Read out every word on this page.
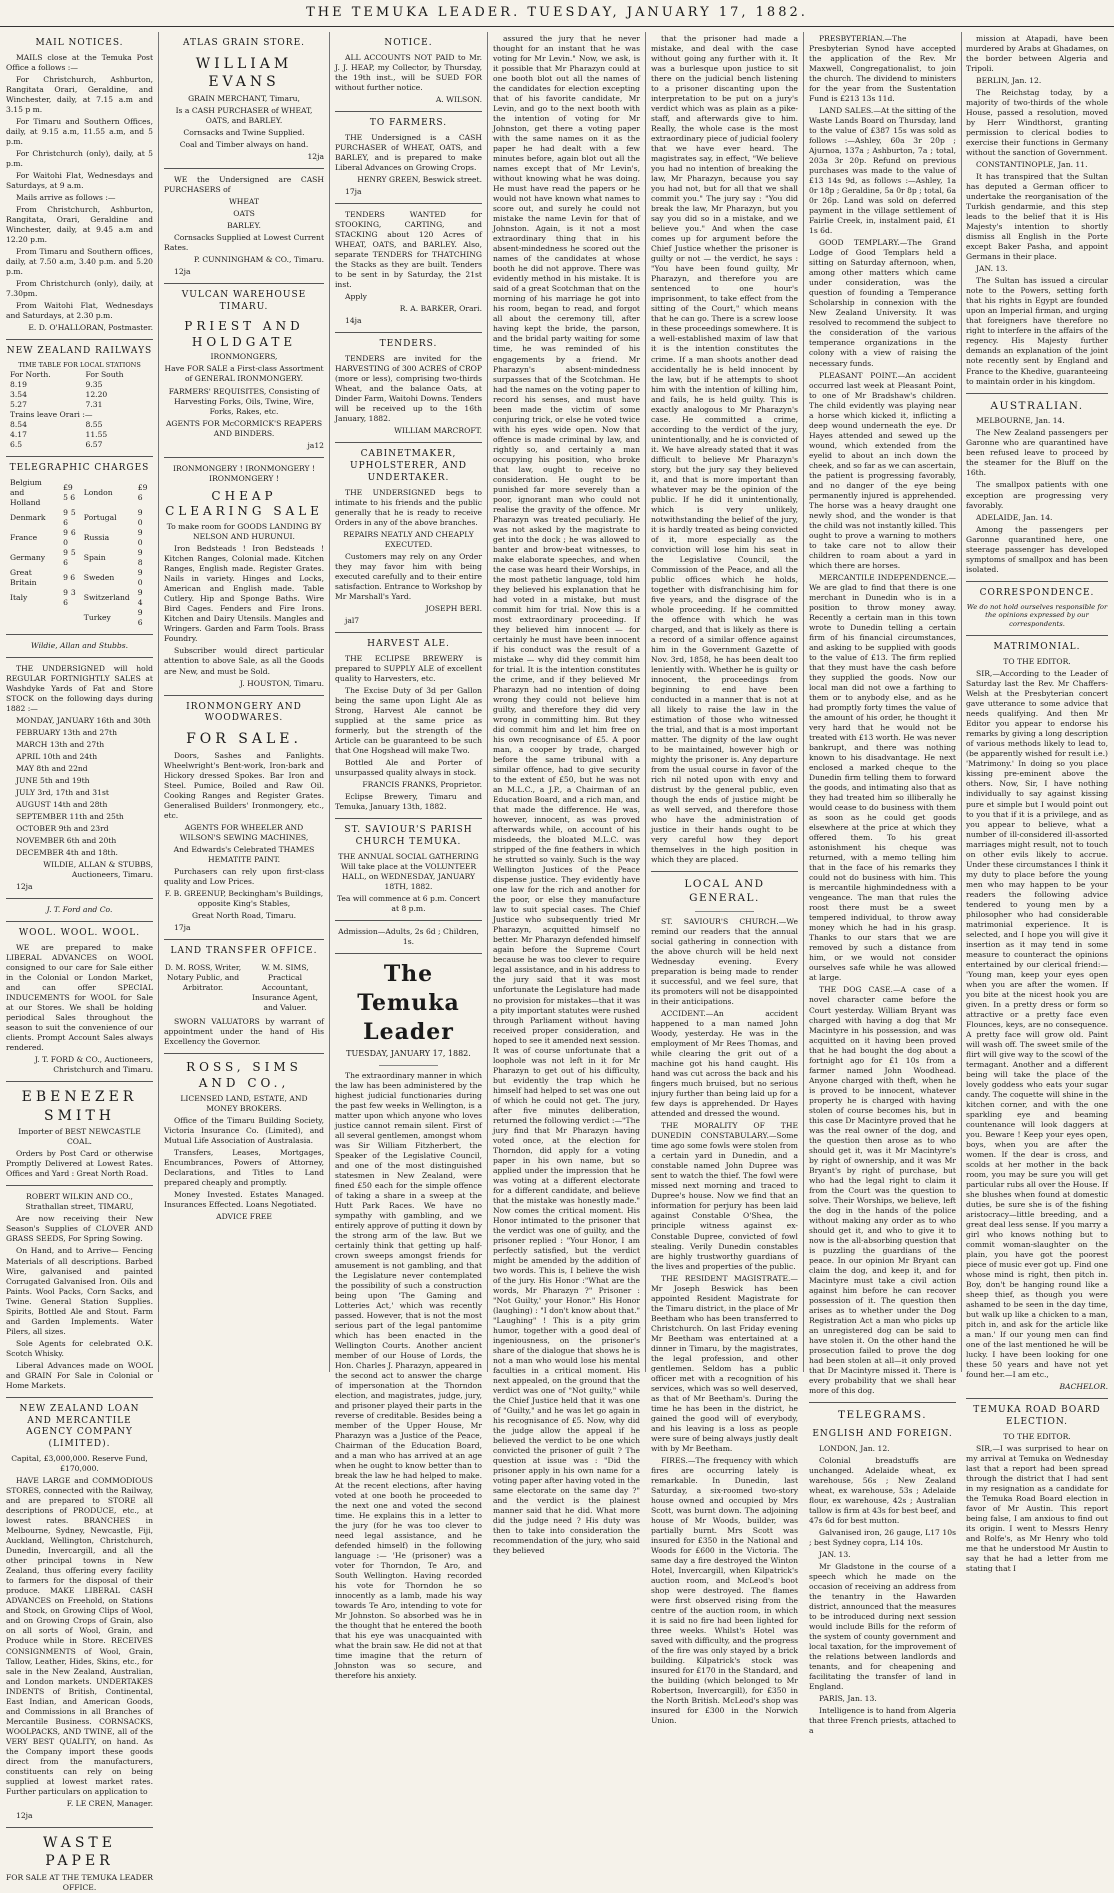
THE TEMUKA LEADER. TUESDAY, JANUARY 17, 1882.
MAIL NOTICES.

MAILS close at the Temuka Post Office a follows :—

For Christchurch, Ashburton, Rangitata Orari, Geraldine, and Winchester, daily, at 7.15 a.m and 3.15 p m.

For Timaru and Southern Offices, daily, at 9.15 a.m, 11.55 a.m, and 5 p.m.

For Christchurch (only), daily, at 5 p.m.

For Waitohi Flat, Wednesdays and Saturdays, at 9 a.m.

Mails arrive as follows :—

From Christchurch, Ashburton, Rangitata, Orari, Geraldine and Winchester, daily, at 9.45 a.m and 12.20 p.m.

From Timaru and Southern offices, daily, at 7.50 a.m, 3.40 p.m. and 5.20 p.m.

From Christchurch (only), daily, at 7.30pm.

From Waitohi Flat, Wednesdays and Saturdays, at 2.30 p.m.

E. D. O'HALLORAN, Postmaster.

NEW ZEALAND RAILWAYS
TIME TABLE FOR LOCAL STATIONS
For North.	For South
8.19	9.35
3.54	12.20
5.27	7.31
Trains leave Orari :—	
8.54	8.55
4.17	11.55
6.5	6.57
TELEGRAPHIC CHARGES
Belgium and Holland	£9 5 6	London	£9 6
Denmark	9 5 6	Portugal	9 0
France	9 6 0	Russia	9 0
Germany	9 5 6	Spain	9 8
Great Britain	9 6	Sweden	9 0
Italy	9 3 6	Switzerland	9 4
		Turkey	9 6
Wildie, Allan and Stubbs.

THE UNDERSIGNED will hold REGULAR FORTNIGHTLY SALES at Washdyke Yards of Fat and Store STOCK on the following days during 1882 :—

MONDAY, JANUARY 16th and 30th

FEBRUARY 13th and 27th

MARCH 13th and 27th

APRIL 10th and 24th

MAY 8th and 22nd

JUNE 5th and 19th

JULY 3rd, 17th and 31st

AUGUST 14th and 28th

SEPTEMBER 11th and 25th

OCTOBER 9th and 23rd

NOVEMBER 6th and 20th

DECEMBER 4th and 18th.

WILDIE, ALLAN & STUBBS, Auctioneers, Timaru.

12ja

J. T. Ford and Co.
WOOL. WOOL. WOOL.

WE are prepared to make LIBERAL ADVANCES on WOOL consigned to our care for Sale either in the Colonial or London Market, and can offer SPECIAL INDUCEMENTS for WOOL for Sale at our Stores. We shall be holding periodical Sales throughout the season to suit the convenience of our clients. Prompt Account Sales always rendered.

J. T. FORD & CO., Auctioneers, Christchurch and Timaru.

EBENEZER SMITH

Importer of BEST NEWCASTLE COAL.

Orders by Post Card or otherwise Promptly Delivered at Lowest Rates. Offices and Yard : Great North Road.

ROBERT WILKIN AND CO., Strathallan street, TIMARU,

Are now receiving their New Season's Supplies of CLOVER AND GRASS SEEDS, For Spring Sowing.

On Hand, and to Arrive— Fencing Materials of all descriptions. Barbed Wire, galvanised and painted Corrugated Galvanised Iron. Oils and Paints. Wool Packs, Corn Sacks, and Twine. General Station Supplies. Spirits, Bottled Ale and Stout. Farm and Garden Implements. Water Pilers, all sizes.

Sole Agents for celebrated O.K. Scotch Whisky.

Liberal Advances made on WOOL and GRAIN For Sale in Colonial or Home Markets.

NEW ZEALAND LOAN AND MERCANTILE AGENCY COMPANY (LIMITED).

Capital, £3,000,000. Reserve Fund, £170,000.

HAVE LARGE and COMMODIOUS STORES, connected with the Railway, and are prepared to STORE all descriptions of PRODUCE, etc., at lowest rates. BRANCHES in Melbourne, Sydney, Newcastle, Fiji, Auckland, Wellington, Christchurch, Dunedin, Invercargill, and all the other principal towns in New Zealand, thus offering every facility to farmers for the disposal of their produce. MAKE LIBERAL CASH ADVANCES on Freehold, on Stations and Stock, on Growing Clips of Wool, and on Growing Crops of Grain, also on all sorts of Wool, Grain, and Produce while in Store. RECEIVES CONSIGNMENTS of Wool, Grain, Tallow, Leather, Hides, Skins, etc., for sale in the New Zealand, Australian, and London markets. UNDERTAKES INDENTS of British, Continental, East Indian, and American Goods, and Commissions in all Branches of Mercantile Business. CORNSACKS, WOOLPACKS, AND TWINE, all of the VERY BEST QUALITY, on hand. As the Company import these goods direct from the manufacturers, constituents can rely on being supplied at lowest market rates. Further particulars on application to

F. LE CREN, Manager.

12ja

WASTE PAPER

FOR SALE AT THE TEMUKA LEADER OFFICE.

ATLAS GRAIN STORE.
WILLIAM EVANS

GRAIN MERCHANT, Timaru,

Is a CASH PURCHASER of WHEAT, OATS, and BARLEY.

Cornsacks and Twine Supplied.

Coal and Timber always on hand.

12ja

WE the Undersigned are CASH PURCHASERS of

WHEAT

OATS

BARLEY.

Cornsacks Supplied at Lowest Current Rates.

P. CUNNINGHAM & CO., Timaru.

12ja

VULCAN WAREHOUSE TIMARU.
PRIEST AND HOLDGATE

IRONMONGERS,

Have FOR SALE a First-class Assortment of GENERAL IRONMONGERY.

FARMERS' REQUISITES, Consisting of Harvesting Forks, Oils, Twine, Wire, Forks, Rakes, etc.

AGENTS FOR McCORMICK'S REAPERS AND BINDERS.

ja12

IRONMONGERY ! IRONMONGERY ! IRONMONGERY !

CHEAP CLEARING SALE

To make room for GOODS LANDING BY NELSON AND HURUNUI.

Iron Bedsteads ! Iron Bedsteads ! Kitchen Ranges, Colonial made. Kitchen Ranges, English made. Register Grates. Nails in variety. Hinges and Locks, American and English made. Table Cutlery. Hip and Sponge Baths. Wire Bird Cages. Fenders and Fire Irons. Kitchen and Dairy Utensils. Mangles and Wringers. Garden and Farm Tools. Brass Foundry.

Subscriber would direct particular attention to above Sale, as all the Goods are New, and must be Sold.

J. HOUSTON, Timaru.

IRONMONGERY AND WOODWARES.
FOR SALE.

Doors, Sashes and Fanlights. Wheelwright's Bent-work, Iron-bark and Hickory dressed Spokes. Bar Iron and Steel. Pumice, Boiled and Raw Oil. Cooking Ranges and Register Grates. Generalised Builders' Ironmongery, etc., etc.

AGENTS FOR WHEELER AND WILSON'S SEWING MACHINES,

And Edwards's Celebrated THAMES HEMATITE PAINT.

Purchasers can rely upon first-class quality and Low Prices.

F. B. GREENUP, Beckingham's Buildings, opposite King's Stables,

Great North Road, Timaru.

17ja

LAND TRANSFER OFFICE.

D. M. ROSS, Writer, Notary Public, and Arbitrator.

W. M. SIMS, Practical Accountant, Insurance Agent, and Valuer.

SWORN VALUATORS by warrant of appointment under the hand of His Excellency the Governor.

ROSS, SIMS AND CO.,

LICENSED LAND, ESTATE, AND MONEY BROKERS.

Office of the Timaru Building Society, Victoria Insurance Co. (Limited), and Mutual Life Association of Australasia.

Transfers, Leases, Mortgages, Encumbrances, Powers of Attorney, Declarations, and Titles to Land prepared cheaply and promptly.

Money Invested. Estates Managed. Insurances Effected. Loans Negotiated.

ADVICE FREE

NOTICE.

ALL ACCOUNTS NOT PAID to Mr. J. J. HEAP, my Collector, by Thursday, the 19th inst., will be SUED FOR without further notice.

A. WILSON.

TO FARMERS.

THE Undersigned is a CASH PURCHASER of WHEAT, OATS, and BARLEY, and is prepared to make Liberal Advances on Growing Crops.

HENRY GREEN, Beswick street.

17ja

TENDERS WANTED for STOOKING, CARTING, and STACKING about 120 Acres of WHEAT, OATS, and BARLEY. Also, separate TENDERS for THATCHING the Stacks as they are built. Tenders to be sent in by Saturday, the 21st inst.

Apply

R. A. BARKER, Orari.

14ja

TENDERS.

TENDERS are invited for the HARVESTING of 300 ACRES of CROP (more or less), comprising two-thirds Wheat, and the balance Oats, at Dinder Farm, Waitohi Downs. Tenders will be received up to the 16th January, 1882.

WILLIAM MARCROFT.

CABINETMAKER, UPHOLSTERER, AND UNDERTAKER.

THE UNDERSIGNED begs to intimate to his friends and the public generally that he is ready to receive Orders in any of the above branches.

REPAIRS NEATLY AND CHEAPLY EXECUTED.

Customers may rely on any Order they may favor him with being executed carefully and to their entire satisfaction. Entrance to Workshop by Mr Marshall's Yard.

JOSEPH BERI.

jal7

HARVEST ALE.

THE ECLIPSE BREWERY is prepared to SUPPLY ALE of excellent quality to Harvesters, etc.

The Excise Duty of 3d per Gallon being the same upon Light Ale as Strong, Harvest Ale cannot be supplied at the same price as formerly, but the strength of the Article can be guaranteed to be such that One Hogshead will make Two.

Bottled Ale and Porter of unsurpassed quality always in stock.

FRANCIS FRANKS, Proprietor.

Eclipse Brewery, Timaru and Temuka, January 13th, 1882.

ST. SAVIOUR'S PARISH CHURCH TEMUKA.

THE ANNUAL SOCIAL GATHERING Will take place at the VOLUNTEER HALL, on WEDNESDAY, JANUARY 18TH, 1882.

Tea will commence at 6 p.m. Concert at 8 p.m.

Admission—Adults, 2s 6d ; Children, 1s.

The Temuka Leader
TUESDAY, JANUARY 17, 1882.

The extraordinary manner in which the law has been administered by the highest judicial functionaries during the past few weeks in Wellington, is a matter upon which anyone who loves justice cannot remain silent. First of all several gentlemen, amongst whom was Sir William Fitzherbert, the Speaker of the Legislative Council, and one of the most distinguished statesmen in New Zealand, were fined £50 each for the simple offence of taking a share in a sweep at the Hutt Park Races. We have no sympathy with gambling, and we entirely approve of putting it down by the strong arm of the law. But we certainly think that getting up half-crown sweeps amongst friends for amusement is not gambling, and that the Legislature never contemplated the possibility of such a construction being upon 'The Gaming and Lotteries Act,' which was recently passed. However, that is not the most serious part of the legal pantomime which has been enacted in the Wellington Courts. Another ancient member of our House of Lords, the Hon. Charles J. Pharazyn, appeared in the second act to answer the charge of impersonation at the Thorndon election, and magistrates, judge, jury, and prisoner played their parts in the reverse of creditable. Besides being a member of the Upper House, Mr Pharazyn was a Justice of the Peace, Chairman of the Education Board, and a man who has arrived at an age when he ought to know better than to break the law he had helped to make. At the recent elections, after having voted at one booth he proceeded to the next one and voted the second time. He explains this in a letter to the jury (for he was too clever to need legal assistance, and he defended himself) in the following language :— 'He (prisoner) was a voter for Thorndon, Te Aro, and South Wellington. Having recorded his vote for Thorndon he so innocently as a lamb, made his way towards Te Aro, intending to vote for Mr Johnston. So absorbed was he in the thought that he entered the booth that his eye was unacquainted with what the brain saw. He did not at that time imagine that the return of Johnston was so secure, and therefore his anxiety.

assured the jury that he never thought for an instant that he was voting for Mr Levin." Now, we ask, is it possible that Mr Pharazyn could at one booth blot out all the names of the candidates for election excepting that of his favorite candidate, Mr Levin, and go to the next booth with the intention of voting for Mr Johnston, get there a voting paper with the same names on it as the paper he had dealt with a few minutes before, again blot out all the names except that of Mr Levin's, without knowing what he was doing. He must have read the papers or he would not have known what names to score out, and surely he could not mistake the name Levin for that of Johnston. Again, is it not a most extraordinary thing that in his absent-mindedness he scored out the names of the candidates at whose booth he did not approve. There was evidently method in his mistake. It is said of a great Scotchman that on the morning of his marriage he got into his room, began to read, and forgot all about the ceremony till, after having kept the bride, the parson, and the bridal party waiting for some time, he was reminded of his engagements by a friend. Mr Pharazyn's absent-mindedness surpasses that of the Scotchman. He had the names on the voting paper to record his senses, and must have been made the victim of some conjuring trick, or else he voted twice with his eyes wide open. Now that offence is made criminal by law, and rightly so, and certainly a man occupying his position, who broke that law, ought to receive no consideration. He ought to be punished far more severely than a poor, ignorant man who could not realise the gravity of the offence. Mr Pharazyn was treated peculiarly. He was not asked by the magistrate to get into the dock ; he was allowed to banter and brow-beat witnesses, to make elaborate speeches, and when the case was heard their Worships, in the most pathetic language, told him they believed his explanation that he had voted in a mistake, but must commit him for trial. Now this is a most extraordinary proceeding. If they believed him innocent — for certainly he must have been innocent if his conduct was the result of a mistake — why did they commit him for trial. It is the intention constitutes the crime, and if they believed Mr Pharazyn had no intention of doing wrong they could not believe him guilty, and therefore they did very wrong in committing him. But they did commit him and let him free on his own recognisance of £5. A poor man, a cooper by trade, charged before the same tribunal with a similar offence, had to give security to the extent of £50, but he was not an M.L.C., a J.P., a Chairman of an Education Board, and a rich man, and that made the difference. He was, however, innocent, as was proved afterwards while, on account of his misdeeds, the bloated M.L.C. was stripped of the fine feathers in which he strutted so vainly. Such is the way Wellington Justices of the Peace dispense justice. They evidently have one law for the rich and another for the poor, or else they manufacture law to suit special cases. The Chief Justice who subsequently tried Mr Pharazyn, acquitted himself no better. Mr Pharazyn defended himself again before the Supreme Court because he was too clever to require legal assistance, and in his address to the jury said that it was most unfortunate the Legislature had made no provision for mistakes—that it was a pity important statutes were rushed through Parliament without having received proper consideration, and hoped to see it amended next session. It was of course unfortunate that a loophole was not left in it for Mr Pharazyn to get out of his difficulty, but evidently the trap which he himself had helped to set was one out of which he could not get. The jury, after five minutes deliberation, returned the following verdict :—"The jury find that Mr Pharazyn having voted once, at the election for Thorndon, did apply for a voting paper in his own name, but so applied under the impression that he was voting at a different electorate for a different candidate, and believe that the mistake was honestly made." Now comes the critical moment. His Honor intimated to the prisoner that the verdict was one of guilty, and the prisoner replied : "Your Honor, I am perfectly satisfied, but the verdict might be amended by the addition of two words. This is, I believe the wish of the jury. His Honor :"What are the words, Mr Pharazyn ?" Prisoner : "Not Guilty,' your Honor." His Honor (laughing) : "I don't know about that." "Laughing" ! This is a pity grim humor, together with a good deal of ingeniousness, on the prisoner's share of the dialogue that shows he is not a man who would lose his mental faculties in a critical moment. His next appealed, on the ground that the verdict was one of "Not guilty," while the Chief Justice held that it was one of "Guilty," and he was let go again in his recognisance of £5. Now, why did the judge allow the appeal if he believed the verdict to be one which convicted the prisoner of guilt ? The question at issue was : "Did the prisoner apply in his own name for a voting paper after having voted in the same electorate on the same day ?" and the verdict is the plainest manner said that he did. What more did the judge need ? His duty was then to take into consideration the recommendation of the jury, who said they believed

that the prisoner had made a mistake, and deal with the case without going any further with it. It was a burlesque upon justice to sit there on the judicial bench listening to a prisoner discanting upon the interpretation to be put on a jury's verdict which was as plain as a pike-staff, and afterwards give to him. Really, the whole case is the most extraordinary piece of judicial foolery that we have ever heard. The magistrates say, in effect, "We believe you had no intention of breaking the law, Mr Pharazyn, because you say you had not, but for all that we shall commit you." The jury say : "You did break the law, Mr Pharazyn, but you say you did so in a mistake, and we believe you." And when the case comes up for argument before the Chief Justice whether the prisoner is guilty or not — the verdict, he says : "You have been found guilty, Mr Pharazyn, and therefore you are sentenced to one hour's imprisonment, to take effect from the sitting of the Court," which means that he can go. There is a screw loose in these proceedings somewhere. It is a well-established maxim of law that it is the intention constitutes the crime. If a man shoots another dead accidentally he is held innocent by the law, but if he attempts to shoot him with the intention of killing him, and fails, he is held guilty. This is exactly analogous to Mr Pharazyn's case. He committed a crime, according to the verdict of the jury, unintentionally, and he is convicted of it. We have already stated that it was difficult to believe Mr Pharazyn's story, but the jury say they believed it, and that is more important than whatever may be the opinion of the public. If he did it unintentionally, which is very unlikely, notwithstanding the belief of the jury, it is hardly treated as being convicted of it, more especially as the conviction will lose him his seat in the Legislative Council, the Commission of the Peace, and all the public offices which he holds, together with disfranchising him for five years, and the disgrace of the whole proceeding. If he committed the offence with which he was charged, and that is likely as there is a record of a similar offence against him in the Government Gazette of Nov. 3rd, 1858, he has been dealt too leniently with. Whether he is guilty or innocent, the proceedings from beginning to end have been conducted in a manner that is not at all likely to raise the law in the estimation of those who witnessed the trial, and that is a most important matter. The dignity of the law ought to be maintained, however high or mighty the prisoner is. Any departure from the usual course in favor of the rich nil noted upon with envy and distrust by the general public, even though the ends of justice might be as well served, and therefore those who have the administration of justice in their hands ought to be very careful how they deport themselves in the high position in which they are placed.

LOCAL AND GENERAL.

ST. SAVIOUR'S CHURCH.—We remind our readers that the annual social gathering in connection with the above church will be held next Wednesday evening. Every preparation is being made to render it successful, and we feel sure, that its promoters will not be disappointed in their anticipations.

ACCIDENT.—An accident happened to a man named John Woody, yesterday. He was in the employment of Mr Rees Thomas, and while clearing the grit out of a machine got his hand caught. His hand was cut across the back and his fingers much bruised, but no serious injury further than being laid up for a few days is apprehended. Dr Hayes attended and dressed the wound.

THE MORALITY OF THE DUNEDIN CONSTABULARY.—Some time ago some fowls were stolen from a certain yard in Dunedin, and a constable named John Dupree was sent to watch the thief. The fowl were missed next morning and traced to Dupree's house. Now we find that an information for perjury has been laid against Constable O'Shea, the principle witness against ex-Constable Dupree, convicted of fowl stealing. Verily Dunedin constables are highly trustworthy guardians of the lives and properties of the public.

THE RESIDENT MAGISTRATE.—Mr Joseph Beswick has been appointed Resident Magistrate for the Timaru district, in the place of Mr Beetham who has been transferred to Christchurch. On last Friday evening Mr Beetham was entertained at a dinner in Timaru, by the magistrates, the legal profession, and other gentlemen. Seldom has a public officer met with a recognition of his services, which was so well deserved, as that of Mr Beetham's. During the time he has been in the district, he gained the good will of everybody, and his leaving is a loss as people were sure of being always justly dealt with by Mr Beetham.

FIRES.—The frequency with which fires are occurring lately is remarkable. In Dunedin, last Saturday, a six-roomed two-story house owned and occupied by Mrs Scott, was burnt down. The adjoining house of Mr Woods, builder, was partially burnt. Mrs Scott was insured for £350 in the National and Woods for £600 in the Victoria. The same day a fire destroyed the Winton Hotel, Invercargill, when Kilpatrick's auction room, and McLeod's boot shop were destroyed. The flames were first observed rising from the centre of the auction room, in which it is said no fire had been lighted for three weeks. Whilst's Hotel was saved with difficulty, and the progress of the fire was only stayed by a brick building. Kilpatrick's stock was insured for £170 in the Standard, and the building (which belonged to Mr Robertson, Invercargill), for £350 in the North British. McLeod's shop was insured for £300 in the Norwich Union.

PRESBYTERIAN.—The Presbyterian Synod have accepted the application of the Rev. Mr Maxwell, Congregationalist, to join the church. The dividend to ministers for the year from the Sustentation Fund is £213 13s 11d.

LAND SALES.—At the sitting of the Waste Lands Board on Thursday, land to the value of £387 15s was sold as follows :—Ashley, 60a 3r 20p ; Ajurnoa, 137a ; Ashburton, 7a ; total, 203a 3r 20p. Refund on previous purchases was made to the value of £13 14s 9d, as follows :—Ashley, 1a 0r 18p ; Geraldine, 5a 0r 8p ; total, 6a 0r 26p. Land was sold on deferred payment in the village settlement of Fairlie Creek, in, instalment paid, £1 1s 6d.

GOOD TEMPLARY.—The Grand Lodge of Good Templars held a sitting on Saturday afternoon, when, among other matters which came under consideration, was the question of founding a Temperance Scholarship in connexion with the New Zealand University. It was resolved to recommend the subject to the consideration of the various temperance organizations in the colony with a view of raising the necessary funds.

PLEASANT POINT.—An accident occurred last week at Pleasant Point, to one of Mr Bradshaw's children. The child evidently was playing near a horse which kicked it, inflicting a deep wound underneath the eye. Dr Hayes attended and sewed up the wound, which extended from the eyelid to about an inch down the cheek, and so far as we can ascertain, the patient is progressing favorably, and no danger of the eye being permanently injured is apprehended. The horse was a heavy draught one newly shod, and the wonder is that the child was not instantly killed. This ought to prove a warning to mothers to take care not to allow their children to roam about a yard in which there are horses.

MERCANTILE INDEPENDENCE.—We are glad to find that there is one merchant in Dunedin who is in a position to throw money away. Recently a certain man in this town wrote to Dunedin telling a certain firm of his financial circumstances, and asking to be supplied with goods to the value of £13. The firm replied that they must have the cash before they supplied the goods. Now our local man did not owe a farthing to them or to anybody else, and as he had promptly forty times the value of the amount of his order, he thought it very hard that he would not be treated with £13 worth. He was never bankrupt, and there was nothing known to his disadvantage. He next enclosed a marked cheque to the Dunedin firm telling them to forward the goods, and intimating also that as they had treated him so illiberally he would cease to do business with them as soon as he could get goods elsewhere at the price at which they offered them. To his great astonishment his cheque was returned, with a memo telling him that in the face of his remarks they could not do business with him. This is mercantile highmindedness with a vengeance. The man that rules the roost there must be a sweet tempered individual, to throw away money which he had in his grasp. Thanks to our stars that we are removed by such a distance from him, or we would not consider ourselves safe while he was allowed at large.

THE DOG CASE.—A case of a novel character came before the Court yesterday. William Bryant was charged with having a dog that Mr Macintyre in his possession, and was acquitted on it having been proved that he had bought the dog about a fortnight ago for £1 10s from a farmer named John Woodhead. Anyone charged with theft, when he is proved to be innocent, whatever property he is charged with having stolen of course becomes his, but in this case Dr Macintyre proved that he was the real owner of the dog, and the question then arose as to who should get it, was it Mr Macintyre's by right of ownership, and it was Mr Bryant's by right of purchase, but who had the legal right to claim it from the Court was the question to solve. Their Worships, we believe, left the dog in the hands of the police without making any order as to who should get it, and who to give it to now is the all-absorbing question that is puzzling the guardians of the peace. In our opinion Mr Bryant can claim the dog, and keep it, and for Macintyre must take a civil action against him before he can recover possession of it. The question then arises as to whether under the Dog Registration Act a man who picks up an unregistered dog can be said to have stolen it. On the other hand the prosecution failed to prove the dog had been stolen at all—it only proved that Dr Macintyre missed it. There is every probability that we shall hear more of this dog.

TELEGRAMS.
ENGLISH AND FOREIGN.

LONDON, Jan. 12.

Colonial breadstuffs are unchanged. Adelaide wheat, ex warehouse, 56s ; New Zealand wheat, ex warehouse, 53s ; Adelaide flour, ex warehouse, 42s ; Australian tallow is firm at 43s for best beef, and 47s 6d for best mutton.

Galvanised iron, 26 gauge, L17 10s ; best Sydney copra, L14 10s.

JAN. 13.

Mr Gladstone in the course of a speech which he made on the occasion of receiving an address from the tenantry in the Hawarden district, announced that the measures to be introduced during next session would include Bills for the reform of the system of county government and local taxation, for the improvement of the relations between landlords and tenants, and for cheapening and facilitating the transfer of land in England.

PARIS, Jan. 13.

Intelligence is to hand from Algeria that three French priests, attached to a

mission at Atapadi, have been murdered by Arabs at Ghadames, on the border between Algeria and Tripoli.

BERLIN, Jan. 12.

The Reichstag today, by a majority of two-thirds of the whole House, passed a resolution, moved by Herr Windthorst, granting permission to clerical bodies to exercise their functions in Germany without the sanction of Government.

CONSTANTINOPLE, Jan. 11.

It has transpired that the Sultan has deputed a German officer to undertake the reorganisation of the Turkish gendarmie, and this step leads to the belief that it is His Majesty's intention to shortly dismiss all English in the Porte except Baker Pasha, and appoint Germans in their place.

JAN. 13.

The Sultan has issued a circular note to the Powers, setting forth that his rights in Egypt are founded upon an Imperial firman, and urging that foreigners have therefore no right to interfere in the affairs of the regency. His Majesty further demands an explanation of the joint note recently sent by England and France to the Khedive, guaranteeing to maintain order in his kingdom.

AUSTRALIAN.

MELBOURNE, Jan. 14.

The New Zealand passengers per Garonne who are quarantined have been refused leave to proceed by the steamer for the Bluff on the 16th.

The smallpox patients with one exception are progressing very favorably.

ADELAIDE, Jan. 14.

Among the passengers per Garonne quarantined here, one steerage passenger has developed symptoms of smallpox and has been isolated.

CORRESPONDENCE.

We do not hold ourselves responsible for the opinions expressed by our correspondents.

MATRIMONIAL.

TO THE EDITOR.

SIR,—According to the Leader of Saturday last the Rev. Mr Chaffers-Welsh at the Presbyterian concert gave utterance to some advice that needs qualifying. And then Mr Editor you appear to endorse his remarks by giving a long description of various methods likely to lead to, (be apparently wished for result i.e.) 'Matrimony.' In doing so you place kissing pre-eminent above the others. Now, Sir, I have nothing individually to say against kissing pure et simple but I would point out to you that if it is a privilege, and as you appear to believe, what a number of ill-considered ill-assorted marriages might result, not to touch on other evils likely to accrue. Under these circumstances I think it my duty to place before the young men who may happen to be your readers the following advice tendered to young men by a philosopher who had considerable matrimonial experience. It is selected, and I hope you will give it insertion as it may tend in some measure to counteract the opinions entertained by our clerical friend:— 'Young man, keep your eyes open when you are after the women. If you bite at the nicest hook you are given. In a pretty dress or form so attractive or a pretty face even Flounces, keys, are no consequence. A pretty face will grow old. Paint will wash off. The sweet smile of the flirt will give way to the scowl of the termagant. Another and a different being will take the place of the lovely goddess who eats your sugar candy. The coquette will shine in the kitchen corner, and with the one sparkling eye and beaming countenance will look daggers at you. Beware ! Keep your eyes open, boys, when you are after the women. If the dear is cross, and scolds at her mother in the back room, you may be sure you will get particular rubs all over the House. If she blushes when found at domestic duties, be sure she is of the fishing aristocracy—little breeding, and a great deal less sense. If you marry a girl who knows nothing but to commit woman-slaughter on the plain, you have got the poorest piece of music ever got up. Find one whose mind is right, then pitch in. Boy, don't be hanging round like a sheep thief, as though you were ashamed to be seen in the day time, but walk up like a chicken to a man, pitch in, and ask for the article like a man.' If our young men can find one of the last mentioned he will be lucky. I have been looking for one these 50 years and have not yet found her.—I am etc.,

BACHELOR.

TEMUKA ROAD BOARD ELECTION.

TO THE EDITOR.

SIR,—I was surprised to hear on my arrival at Temuka on Wednesday last that a report had been spread through the district that I had sent in my resignation as a candidate for the Temuka Road Board election in favor of Mr Austin. This report being false, I am anxious to find out its origin. I went to Messrs Henry and Rolfe's, as Mr Henry who told me that he understood Mr Austin to say that he had a letter from me stating that I
